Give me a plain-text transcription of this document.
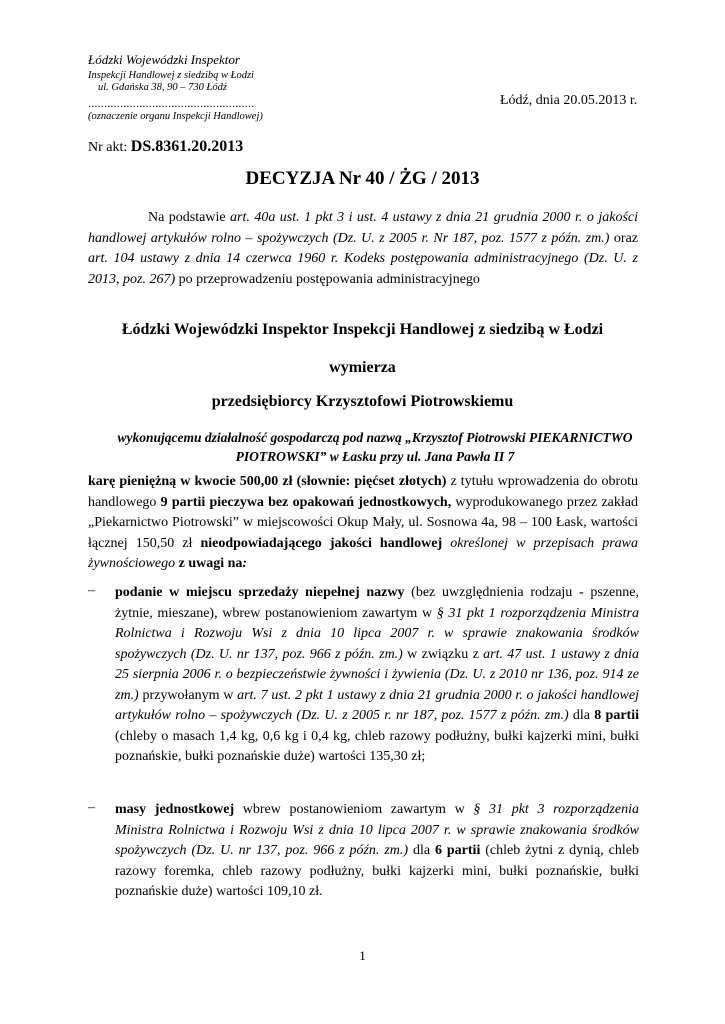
Łódzki Wojewódzki Inspektor
Inspekcji Handlowej z siedzibą w Łodzi
ul. Gdańska 38, 90 – 730 Łódź
....................................................
(oznaczenie organu Inspekcji Handlowej)
Łódź, dnia 20.05.2013 r.
Nr akt: DS.8361.20.2013
DECYZJA Nr 40 / ŻG / 2013
Na podstawie art. 40a ust. 1 pkt 3 i ust. 4 ustawy z dnia 21 grudnia 2000 r. o jakości handlowej artykułów rolno – spożywczych (Dz. U. z 2005 r. Nr 187, poz. 1577 z późn. zm.) oraz art. 104 ustawy z dnia 14 czerwca 1960 r. Kodeks postępowania administracyjnego (Dz. U. z 2013, poz. 267) po przeprowadzeniu postępowania administracyjnego
Łódzki Wojewódzki Inspektor Inspekcji Handlowej z siedzibą w Łodzi
wymierza
przedsiębiorcy Krzysztofowi Piotrowskiemu
wykonującemu działalność gospodarczą pod nazwą „Krzysztof Piotrowski PIEKARNICTWO PIOTROWSKI” w Łasku przy ul. Jana Pawła II 7
karę pieniężną w kwocie 500,00 zł (słownie: pięćset złotych) z tytułu wprowadzenia do obrotu handlowego 9 partii pieczywa bez opakowań jednostkowych, wyprodukowanego przez zakład „Piekarnictwo Piotrowski” w miejscowości Okup Mały, ul. Sosnowa 4a, 98 – 100 Łask, wartości łącznej 150,50 zł nieodpowiadającego jakości handlowej określonej w przepisach prawa żywnościowego z uwagi na:
– podanie w miejscu sprzedaży niepełnej nazwy (bez uwzględnienia rodzaju - pszenne, żytnie, mieszane), wbrew postanowieniom zawartym w § 31 pkt 1 rozporządzenia Ministra Rolnictwa i Rozwoju Wsi z dnia 10 lipca 2007 r. w sprawie znakowania środków spożywczych (Dz. U. nr 137, poz. 966 z późn. zm.) w związku z art. 47 ust. 1 ustawy z dnia 25 sierpnia 2006 r. o bezpieczeństwie żywności i żywienia (Dz. U. z 2010 nr 136, poz. 914 ze zm.) przywołanym w art. 7 ust. 2 pkt 1 ustawy z dnia 21 grudnia 2000 r. o jakości handlowej artykułów rolno – spożywczych (Dz. U. z 2005 r. nr 187, poz. 1577 z późn. zm.) dla 8 partii (chleby o masach 1,4 kg, 0,6 kg i 0,4 kg, chleb razowy podłużny, bułki kajzerki mini, bułki poznańskie, bułki poznańskie duże) wartości 135,30 zł;
– masy jednostkowej wbrew postanowieniom zawartym w § 31 pkt 3 rozporządzenia Ministra Rolnictwa i Rozwoju Wsi z dnia 10 lipca 2007 r. w sprawie znakowania środków spożywczych (Dz. U. nr 137, poz. 966 z późn. zm.) dla 6 partii (chleb żytni z dynią, chleb razowy foremka, chleb razowy podłużny, bułki kajzerki mini, bułki poznańskie, bułki poznańskie duże) wartości 109,10 zł.
1
